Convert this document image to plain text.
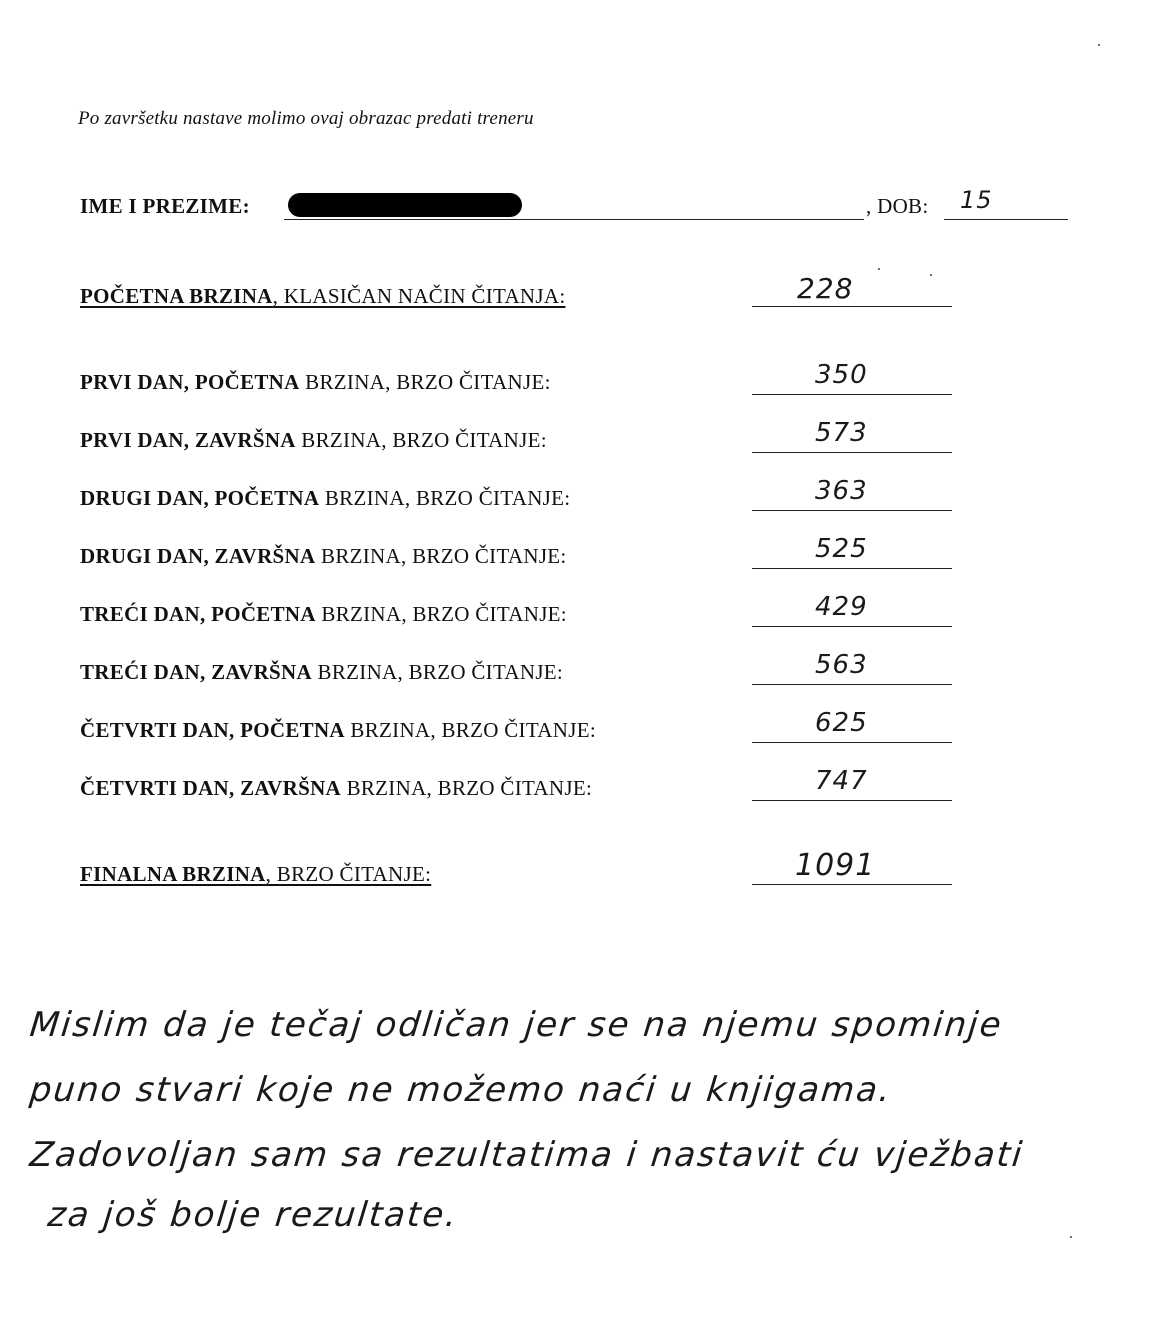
Po završetku nastave molimo ovaj obrazac predati treneru
IME I PREZIME:	, DOB: 15
POČETNA BRZINA, KLASIČAN NAČIN ČITANJA:	228
PRVI DAN, POČETNA BRZINA, BRZO ČITANJE:	350
PRVI DAN, ZAVRŠNA BRZINA, BRZO ČITANJE:	573
DRUGI DAN, POČETNA BRZINA, BRZO ČITANJE:	363
DRUGI DAN, ZAVRŠNA BRZINA, BRZO ČITANJE:	525
TREĆI DAN, POČETNA BRZINA, BRZO ČITANJE:	429
TREĆI DAN, ZAVRŠNA BRZINA, BRZO ČITANJE:	563
ČETVRTI DAN, POČETNA BRZINA, BRZO ČITANJE:	625
ČETVRTI DAN, ZAVRŠNA BRZINA, BRZO ČITANJE:	747
FINALNA BRZINA, BRZO ČITANJE:	1091
Mislim da je tečaj odličan jer se na njemu spominje
puno stvari koje ne možemo naći u knjigama.
Zadovoljan sam sa rezultatima i nastavit ću vježbati
za još bolje rezultate.
